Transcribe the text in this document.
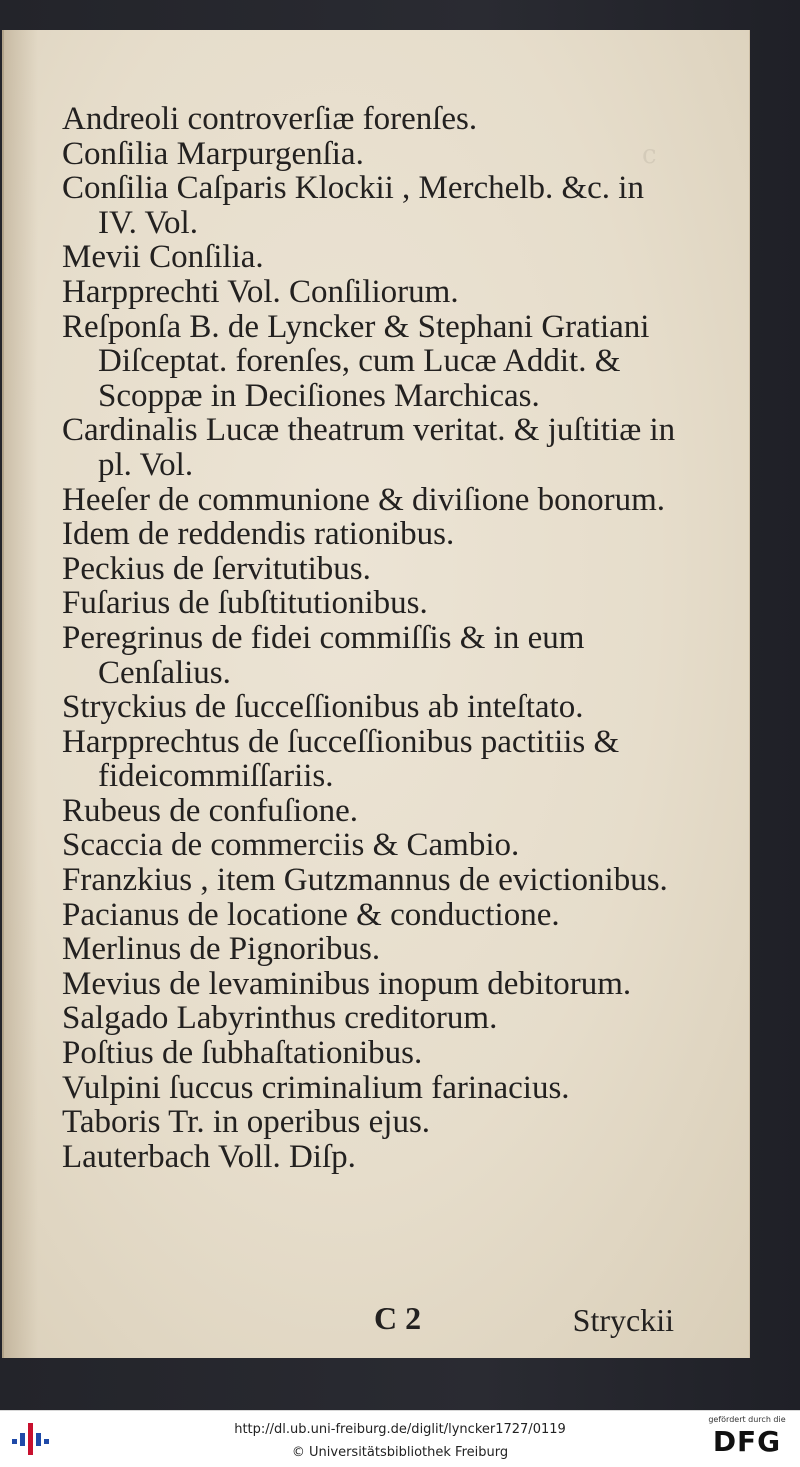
c
Andreoli controverſiæ forenſes.
Conſilia Marpurgenſia.
Conſilia Caſparis Klockii , Merchelb. &c. in IV. Vol.
Mevii Conſilia.
Harpprechti Vol. Conſiliorum.
Reſponſa B. de Lyncker & Stephani Gratiani Diſceptat. forenſes, cum Lucæ Addit. & Scoppæ in Deciſiones Marchicas.
Cardinalis Lucæ theatrum veritat. & juſtitiæ in pl. Vol.
Heeſer de communione & diviſione bonorum.
Idem de reddendis rationibus.
Peckius de ſervitutibus.
Fuſarius de ſubſtitutionibus.
Peregrinus de fidei commiſſis & in eum Cenſalius.
Stryckius de ſucceſſionibus ab inteſtato.
Harpprechtus de ſucceſſionibus pactitiis & fideicommiſſariis.
Rubeus de confuſione.
Scaccia de commerciis & Cambio.
Franzkius , item Gutzmannus de evictionibus.
Pacianus de locatione & conductione.
Merlinus de Pignoribus.
Mevius de levaminibus inopum debitorum.
Salgado Labyrinthus creditorum.
Poſtius de ſubhaſtationibus.
Vulpini ſuccus criminalium farinacius.
Taboris Tr. in operibus ejus.
Lauterbach Voll. Diſp.
C 2	Stryckii
http://dl.ub.uni-freiburg.de/diglit/lyncker1727/0119
© Universitätsbibliothek Freiburg
gefördert durch die
DFG
